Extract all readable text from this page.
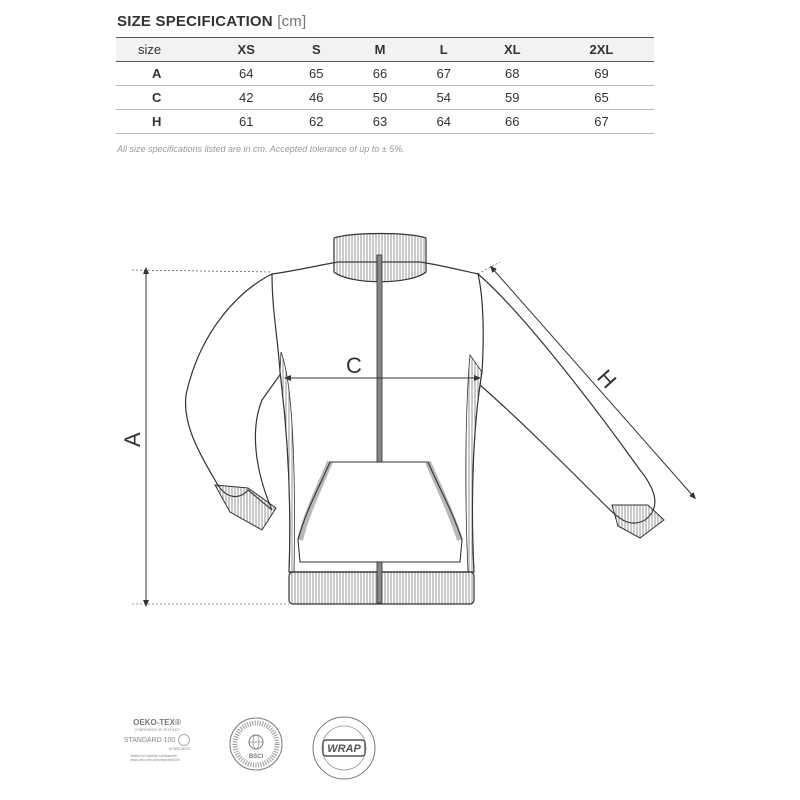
SIZE SPECIFICATION [cm]
size	XS	S	M	L	XL	2XL
A	64	65	66	67	68	69
C	42	46	50	54	59	65
H	61	62	63	64	66	67
All size specifications listed are in cm. Accepted tolerance of up to ± 5%.
C
A
H
OEKO-TEX®
CONFIDENCE IN TEXTILES
STANDARD 100
07100-0071
Tested for harmful substances.
www.oeko-tex.com/standard100	BSCI
WRAP
